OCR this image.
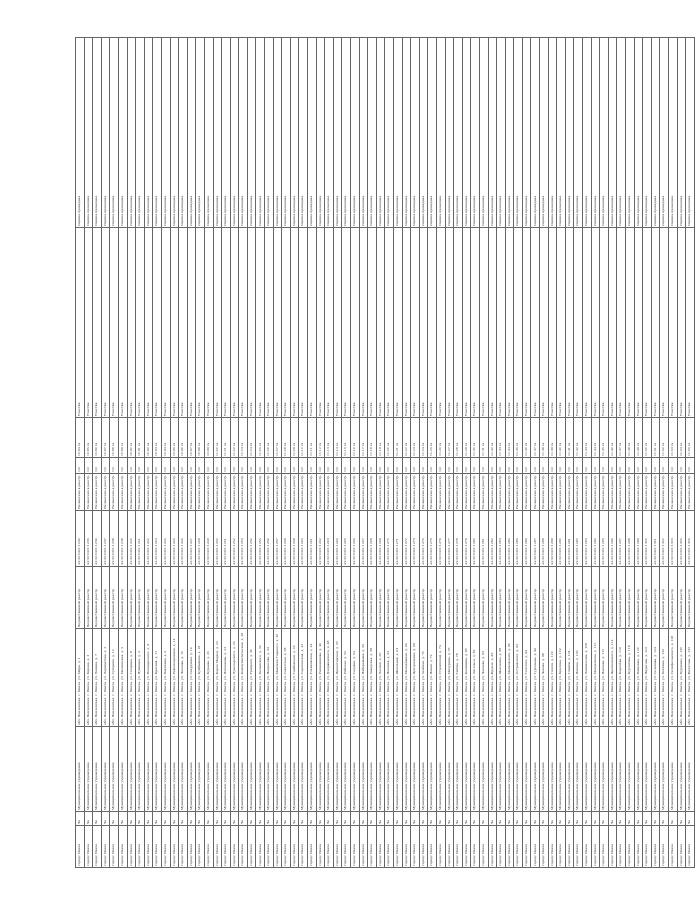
городс Пенза	Че	Муниципальное учреждение	обл. Пензенская, г. Пенза, ул. Мира, д. 1	Ведомственный реестр	44:32:0401:1234	Не внесено в реестр	1/2	10,84 га	Участки	Оценка проведена
городс Пенза	Че	Муниципальное учреждение	обл. Пензенская, г. Пенза, ул. Кирова, д. 3	Ведомственный реестр	44:32:0401:1235	Не внесено в реестр	1/2	10,85 га	Участки	Оценка проведена
городс Пенза	Че	Муниципальное учреждение	обл. Пензенская, г. Пенза, ул. Ленина, д. 7	Ведомственный реестр	44:32:0401:1236	Не внесено в реестр	1/2	10,86 га	Участки	Оценка проведена
городс Пенза	Че	Муниципальное учреждение	обл. Пензенская, г. Пенза, ул. Лермонтова, д. 2	Ведомственный реестр	44:32:0401:1237	Не внесено в реестр	1/2	10,87 га	Участки	Оценка проведена
городс Пенза	Че	Муниципальное учреждение	обл. Пензенская, г. Пенза, ул. Суворова, д. 12	Ведомственный реестр	44:32:0401:1238	Не внесено в реестр	1/2	10,88 га	Участки	Оценка проведена
городс Пенза	Че	Муниципальное учреждение	обл. Пензенская, г. Пенза, ул. Московская, д. 5	Ведомственный реестр	44:32:0401:1239	Не внесено в реестр	1/2	10,89 га	Участки	Оценка проведена
городс Пенза	Че	Муниципальное учреждение	обл. Пензенская, г. Пенза, ул. Гагарина, д. 8	Ведомственный реестр	44:32:0401:1240	Не внесено в реестр	1/2	10,90 га	Участки	Оценка проведена
городс Пенза	Че	Муниципальное учреждение	обл. Пензенская, г. Пенза, ул. Пушкина, д. 4	Ведомственный реестр	44:32:0401:1241	Не внесено в реестр	1/2	10,91 га	Участки	Оценка проведена
городс Пенза	Че	Муниципальное учреждение	обл. Пензенская, г. Пенза, ул. Володарского, д. 9	Ведомственный реестр	44:32:0401:1242	Не внесено в реестр	1/2	10,92 га	Участки	Оценка проведена
городс Пенза	Че	Муниципальное учреждение	обл. Пензенская, г. Пенза, ул. Красная, д. 11	Ведомственный реестр	44:32:0401:1243	Не внесено в реестр	1/2	10,93 га	Участки	Оценка проведена
городс Пенза	Че	Муниципальное учреждение	обл. Пензенская, г. Пенза, ул. Бакунина, д. 6	Ведомственный реестр	44:32:0401:1244	Не внесено в реестр	1/2	10,94 га	Участки	Оценка проведена
городс Пенза	Че	Муниципальное учреждение	обл. Пензенская, г. Пенза, ул. Революционная, д. 14	Ведомственный реестр	44:32:0401:1245	Не внесено в реестр	1/2	10,95 га	Участки	Оценка проведена
городс Пенза	Че	Муниципальное учреждение	обл. Пензенская, г. Пенза, ул. Чкалова, д. 10	Ведомственный реестр	44:32:0401:1246	Не внесено в реестр	1/2	10,96 га	Участки	Оценка проведена
городс Пенза	Че	Муниципальное учреждение	обл. Пензенская, г. Пенза, ул. Свердлова, д. 16	Ведомственный реестр	44:32:0401:1247	Не внесено в реестр	1/2	10,97 га	Участки	Оценка проведена
городс Пенза	Че	Муниципальное учреждение	обл. Пензенская, г. Пенза, ул. Куйбышева, д. 18	Ведомственный реестр	44:32:0401:1248	Не внесено в реестр	1/2	10,98 га	Участки	Оценка проведена
городс Пенза	Че	Муниципальное учреждение	обл. Пензенская, г. Пенза, ул. Кураева, д. 20	Ведомственный реестр	44:32:0401:1249	Не внесено в реестр	1/2	10,99 га	Участки	Оценка проведена
городс Пенза	Че	Муниципальное учреждение	обл. Пензенская, г. Пенза, ул. Карла Маркса, д. 22	Ведомственный реестр	44:32:0401:1250	Не внесено в реестр	1/2	11,00 га	Участки	Оценка проведена
городс Пенза	Че	Муниципальное учреждение	обл. Пензенская, г. Пенза, ул. Плеханова, д. 24	Ведомственный реестр	44:32:0401:1251	Не внесено в реестр	1/2	11,01 га	Участки	Оценка проведена
городс Пенза	Че	Муниципальное учреждение	обл. Пензенская, г. Пенза, ул. Луначарского, д. 26	Ведомственный реестр	44:32:0401:1252	Не внесено в реестр	1/2	11,02 га	Участки	Оценка проведена
городс Пенза	Че	Муниципальное учреждение	обл. Пензенская, г. Пенза, ул. Коммунистическая, д. 28	Ведомственный реестр	44:32:0401:1253	Не внесено в реестр	1/2	11,03 га	Участки	Оценка проведена
городс Пенза	Че	Муниципальное учреждение	обл. Пензенская, г. Пенза, ул. Урицкого, д. 30	Ведомственный реестр	44:32:0401:1254	Не внесено в реестр	1/2	11,04 га	Участки	Оценка проведена
городс Пенза	Че	Муниципальное учреждение	обл. Пензенская, г. Пенза, ул. Белинского, д. 32	Ведомственный реестр	44:32:0401:1255	Не внесено в реестр	1/2	11,05 га	Участки	Оценка проведена
городс Пенза	Че	Муниципальное учреждение	обл. Пензенская, г. Пенза, ул. Некрасова, д. 34	Ведомственный реестр	44:32:0401:1256	Не внесено в реестр	1/2	11,06 га	Участки	Оценка проведена
городс Пенза	Че	Муниципальное учреждение	обл. Пензенская, г. Пенза, ул. Максима Горького, д. 36	Ведомственный реестр	44:32:0401:1257	Не внесено в реестр	1/2	11,07 га	Участки	Оценка проведена
городс Пенза	Че	Муниципальное учреждение	обл. Пензенская, г. Пенза, ул. Советская, д. 38	Ведомственный реестр	44:32:0401:1258	Не внесено в реестр	1/2	11,08 га	Участки	Оценка проведена
городс Пенза	Че	Муниципальное учреждение	обл. Пензенская, г. Пенза, ул. Тамбовская, д. 40	Ведомственный реестр	44:32:0401:1259	Не внесено в реестр	1/2	11,09 га	Участки	Оценка проведена
городс Пенза	Че	Муниципальное учреждение	обл. Пензенская, г. Пенза, ул. Саратовская, д. 42	Ведомственный реестр	44:32:0401:1260	Не внесено в реестр	1/2	11,10 га	Участки	Оценка проведена
городс Пенза	Че	Муниципальное учреждение	обл. Пензенская, г. Пенза, ул. Ульяновская, д. 44	Ведомственный реестр	44:32:0401:1261	Не внесено в реестр	1/2	11,11 га	Участки	Оценка проведена
городс Пенза	Че	Муниципальное учреждение	обл. Пензенская, г. Пенза, ул. Рахманинова, д. 46	Ведомственный реестр	44:32:0401:1262	Не внесено в реестр	1/2	11,12 га	Участки	Оценка проведена
городс Пенза	Че	Муниципальное учреждение	обл. Пензенская, г. Пенза, ул. Дзержинского, д. 48	Ведомственный реестр	44:32:0401:1263	Не внесено в реестр	1/2	11,13 га	Участки	Оценка проведена
городс Пенза	Че	Муниципальное учреждение	обл. Пензенская, г. Пенза, ул. Пролетарская, д. 50	Ведомственный реестр	44:32:0401:1264	Не внесено в реестр	1/2	11,14 га	Участки	Оценка проведена
городс Пенза	Че	Муниципальное учреждение	обл. Пензенская, г. Пенза, ул. Рабочая, д. 52	Ведомственный реестр	44:32:0401:1265	Не внесено в реестр	1/2	11,15 га	Участки	Оценка проведена
городс Пенза	Че	Муниципальное учреждение	обл. Пензенская, г. Пенза, ул. Садовая, д. 54	Ведомственный реестр	44:32:0401:1266	Не внесено в реестр	1/2	11,16 га	Участки	Оценка проведена
городс Пенза	Че	Муниципальное учреждение	обл. Пензенская, г. Пенза, ул. Набережная, д. 56	Ведомственный реестр	44:32:0401:1267	Не внесено в реестр	1/2	11,17 га	Участки	Оценка проведена
городс Пенза	Че	Муниципальное учреждение	обл. Пензенская, г. Пенза, ул. Заводская, д. 58	Ведомственный реестр	44:32:0401:1268	Не внесено в реестр	1/2	11,18 га	Участки	Оценка проведена
городс Пенза	Че	Муниципальное учреждение	обл. Пензенская, г. Пенза, ул. Лесная, д. 60	Ведомственный реестр	44:32:0401:1269	Не внесено в реестр	1/2	11,19 га	Участки	Оценка проведена
городс Пенза	Че	Муниципальное учреждение	обл. Пензенская, г. Пенза, ул. Полевая, д. 62	Ведомственный реестр	44:32:0401:1270	Не внесено в реестр	1/2	11,20 га	Участки	Оценка проведена
городс Пенза	Че	Муниципальное учреждение	обл. Пензенская, г. Пенза, ул. Школьная, д. 64	Ведомственный реестр	44:32:0401:1271	Не внесено в реестр	1/2	11,21 га	Участки	Оценка проведена
городс Пенза	Че	Муниципальное учреждение	обл. Пензенская, г. Пенза, ул. Молодёжная, д. 66	Ведомственный реестр	44:32:0401:1272	Не внесено в реестр	1/2	11,22 га	Участки	Оценка проведена
городс Пенза	Че	Муниципальное учреждение	обл. Пензенская, г. Пенза, ул. Центральная, д. 68	Ведомственный реестр	44:32:0401:1273	Не внесено в реестр	1/2	11,23 га	Участки	Оценка проведена
городс Пенза	Че	Муниципальное учреждение	обл. Пензенская, г. Пенза, ул. Зелёная, д. 70	Ведомственный реестр	44:32:0401:1274	Не внесено в реестр	1/2	11,24 га	Участки	Оценка проведена
городс Пенза	Че	Муниципальное учреждение	обл. Пензенская, г. Пенза, ул. Новая, д. 72	Ведомственный реестр	44:32:0401:1275	Не внесено в реестр	1/2	11,25 га	Участки	Оценка проведена
городс Пенза	Че	Муниципальное учреждение	обл. Пензенская, г. Пенза, ул. Строителей, д. 74	Ведомственный реестр	44:32:0401:1276	Не внесено в реестр	1/2	11,26 га	Участки	Оценка проведена
городс Пенза	Че	Муниципальное учреждение	обл. Пензенская, г. Пенза, ул. Мичурина, д. 76	Ведомственный реестр	44:32:0401:1277	Не внесено в реестр	1/2	11,27 га	Участки	Оценка проведена
городс Пенза	Че	Муниципальное учреждение	обл. Пензенская, г. Пенза, ул. Титова, д. 78	Ведомственный реестр	44:32:0401:1278	Не внесено в реестр	1/2	11,28 га	Участки	Оценка проведена
городс Пенза	Че	Муниципальное учреждение	обл. Пензенская, г. Пенза, ул. Калинина, д. 80	Ведомственный реестр	44:32:0401:1279	Не внесено в реестр	1/2	11,29 га	Участки	Оценка проведена
городс Пенза	Че	Муниципальное учреждение	обл. Пензенская, г. Пенза, ул. Энгельса, д. 82	Ведомственный реестр	44:32:0401:1280	Не внесено в реестр	1/2	11,30 га	Участки	Оценка проведена
городс Пенза	Че	Муниципальное учреждение	обл. Пензенская, г. Пенза, ул. Чапаева, д. 84	Ведомственный реестр	44:32:0401:1281	Не внесено в реестр	1/2	11,31 га	Участки	Оценка проведена
городс Пенза	Че	Муниципальное учреждение	обл. Пензенская, г. Пенза, ул. Фрунзе, д. 86	Ведомственный реестр	44:32:0401:1282	Не внесено в реестр	1/2	11,32 га	Участки	Оценка проведена
городс Пенза	Че	Муниципальное учреждение	обл. Пензенская, г. Пенза, ул. Шевченко, д. 88	Ведомственный реестр	44:32:0401:1283	Не внесено в реестр	1/2	11,33 га	Участки	Оценка проведена
городс Пенза	Че	Муниципальное учреждение	обл. Пензенская, г. Пенза, ул. Маяковского, д. 90	Ведомственный реестр	44:32:0401:1284	Не внесено в реестр	1/2	11,34 га	Участки	Оценка проведена
городс Пенза	Че	Муниципальное учреждение	обл. Пензенская, г. Пенза, ул. Островского, д. 92	Ведомственный реестр	44:32:0401:1285	Не внесено в реестр	1/2	11,35 га	Участки	Оценка проведена
городс Пенза	Че	Муниципальное учреждение	обл. Пензенская, г. Пенза, ул. Толстого, д. 94	Ведомственный реестр	44:32:0401:1286	Не внесено в реестр	1/2	11,36 га	Участки	Оценка проведена
городс Пенза	Че	Муниципальное учреждение	обл. Пензенская, г. Пенза, ул. Тургенева, д. 96	Ведомственный реестр	44:32:0401:1287	Не внесено в реестр	1/2	11,37 га	Участки	Оценка проведена
городс Пенза	Че	Муниципальное учреждение	обл. Пензенская, г. Пенза, ул. Чехова, д. 98	Ведомственный реестр	44:32:0401:1288	Не внесено в реестр	1/2	11,38 га	Участки	Оценка проведена
городс Пенза	Че	Муниципальное учреждение	обл. Пензенская, г. Пенза, ул. Гоголя, д. 100	Ведомственный реестр	44:32:0401:1289	Не внесено в реестр	1/2	11,39 га	Участки	Оценка проведена
городс Пенза	Че	Муниципальное учреждение	обл. Пензенская, г. Пенза, ул. Крылова, д. 102	Ведомственный реестр	44:32:0401:1290	Не внесено в реестр	1/2	11,40 га	Участки	Оценка проведена
городс Пенза	Че	Муниципальное учреждение	обл. Пензенская, г. Пенза, ул. Глинки, д. 104	Ведомственный реестр	44:32:0401:1291	Не внесено в реестр	1/2	11,41 га	Участки	Оценка проведена
городс Пенза	Че	Муниципальное учреждение	обл. Пензенская, г. Пенза, ул. Попова, д. 106	Ведомственный реестр	44:32:0401:1292	Не внесено в реестр	1/2	11,42 га	Участки	Оценка проведена
городс Пенза	Че	Муниципальное учреждение	обл. Пензенская, г. Пенза, ул. Ломоносова, д. 108	Ведомственный реестр	44:32:0401:1293	Не внесено в реестр	1/2	11,43 га	Участки	Оценка проведена
городс Пенза	Че	Муниципальное учреждение	обл. Пензенская, г. Пенза, ул. Менделеева, д. 110	Ведомственный реестр	44:32:0401:1294	Не внесено в реестр	1/2	11,44 га	Участки	Оценка проведена
городс Пенза	Че	Муниципальное учреждение	обл. Пензенская, г. Пенза, ул. Павлова, д. 112	Ведомственный реестр	44:32:0401:1295	Не внесено в реестр	1/2	11,45 га	Участки	Оценка проведена
городс Пенза	Че	Муниципальное учреждение	обл. Пензенская, г. Пенза, ул. Циолковского, д. 114	Ведомственный реестр	44:32:0401:1296	Не внесено в реестр	1/2	11,46 га	Участки	Оценка проведена
городс Пенза	Че	Муниципальное учреждение	обл. Пензенская, г. Пенза, ул. Королёва, д. 116	Ведомственный реестр	44:32:0401:1297	Не внесено в реестр	1/2	11,47 га	Участки	Оценка проведена
городс Пенза	Че	Муниципальное учреждение	обл. Пензенская, г. Пенза, ул. Курчатова, д. 118	Ведомственный реестр	44:32:0401:1298	Не внесено в реестр	1/2	11,48 га	Участки	Оценка проведена
городс Пенза	Че	Муниципальное учреждение	обл. Пензенская, г. Пенза, ул. Вавилова, д. 120	Ведомственный реестр	44:32:0401:1299	Не внесено в реестр	1/2	11,49 га	Участки	Оценка проведена
городс Пенза	Че	Муниципальное учреждение	обл. Пензенская, г. Пенза, ул. Пирогова, д. 122	Ведомственный реестр	44:32:0401:1300	Не внесено в реестр	1/2	11,50 га	Участки	Оценка проведена
городс Пенза	Че	Муниципальное учреждение	обл. Пензенская, г. Пенза, ул. Сеченова, д. 124	Ведомственный реестр	44:32:0401:1301	Не внесено в реестр	1/2	11,51 га	Участки	Оценка проведена
городс Пенза	Че	Муниципальное учреждение	обл. Пензенская, г. Пенза, ул. Боткина, д. 126	Ведомственный реестр	44:32:0401:1302	Не внесено в реестр	1/2	11,52 га	Участки	Оценка проведена
городс Пенза	Че	Муниципальное учреждение	обл. Пензенская, г. Пенза, ул. Склифосовского, д. 128	Ведомственный реестр	44:32:0401:1303	Не внесено в реестр	1/2	11,53 га	Участки	Оценка проведена
городс Пенза	Че	Муниципальное учреждение	обл. Пензенская, г. Пенза, ул. Бурденко, д. 130	Ведомственный реестр	44:32:0401:1304	Не внесено в реестр	1/2	11,54 га	Участки	Оценка проведена
городс Пенза	Че	Муниципальное учреждение	обл. Пензенская, г. Пенза, ул. Филатова, д. 132	Ведомственный реестр	44:32:0401:1305	Не внесено в реестр	1/2	11,55 га	Участки	Оценка проведена
